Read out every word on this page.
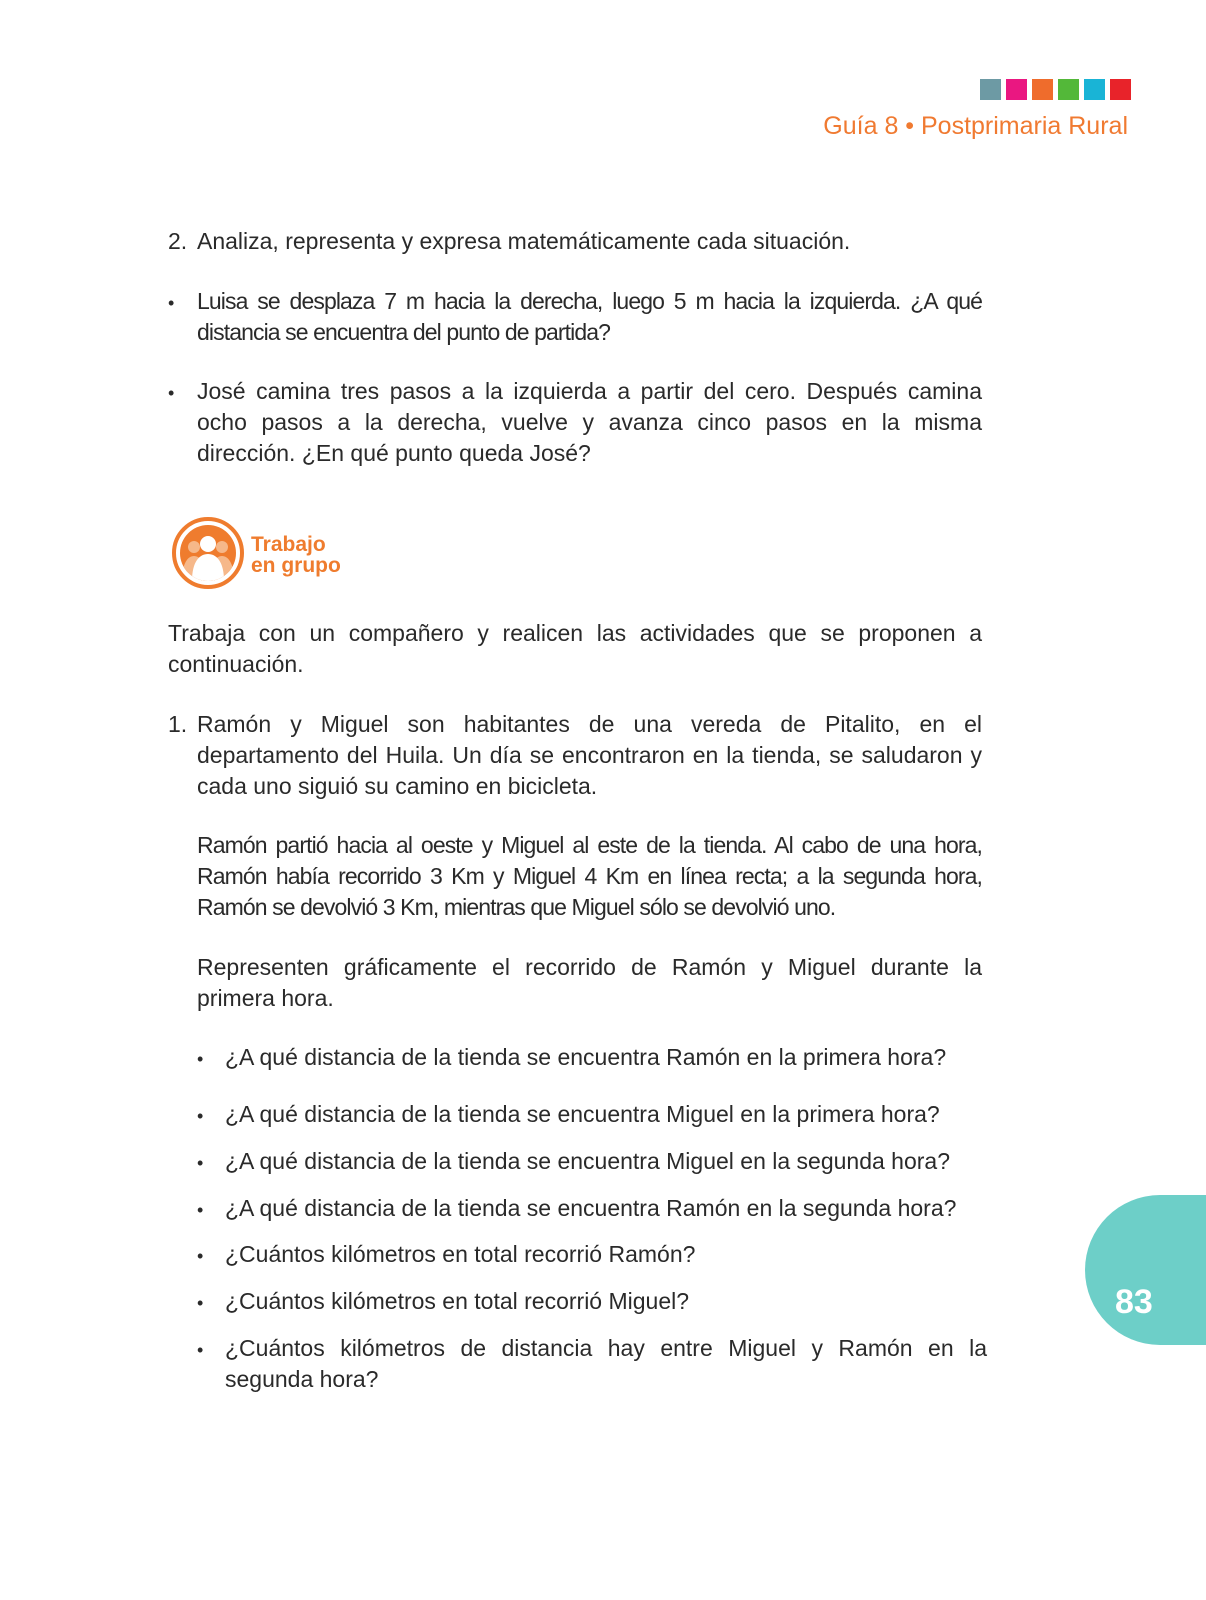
Guía 8 • Postprimaria Rural
2. Analiza, representa y expresa matemáticamente cada situación.
•	Luisa se desplaza 7 m hacia la derecha, luego 5 m hacia la izquierda. ¿A qué distancia se encuentra del punto de partida?
• José camina tres pasos a la izquierda a partir del cero. Después camina ocho pasos a la derecha, vuelve y avanza cinco pasos en la misma dirección. ¿En qué punto queda José?
Trabajo
en grupo
Trabaja con un compañero y realicen las actividades que se proponen a continuación.
1. Ramón y Miguel son habitantes de una vereda de Pitalito, en el departamento del Huila. Un día se encontraron en la tienda, se saludaron y cada uno siguió su camino en bicicleta.
Ramón partió hacia al oeste y Miguel al este de la tienda. Al cabo de una hora, Ramón había recorrido 3 Km y Miguel 4 Km en línea recta; a la segunda hora, Ramón se devolvió 3 Km, mientras que Miguel sólo se devolvió uno.
Representen gráficamente el recorrido de Ramón y Miguel durante la primera hora.
• ¿A qué distancia de la tienda se encuentra Ramón en la primera hora?
• ¿A qué distancia de la tienda se encuentra Miguel en la primera hora?
• ¿A qué distancia de la tienda se encuentra Miguel en la segunda hora?
• ¿A qué distancia de la tienda se encuentra Ramón en la segunda hora?
• ¿Cuántos kilómetros en total recorrió Ramón?
• ¿Cuántos kilómetros en total recorrió Miguel?
• ¿Cuántos kilómetros de distancia hay entre Miguel y Ramón en la segunda hora?
83
